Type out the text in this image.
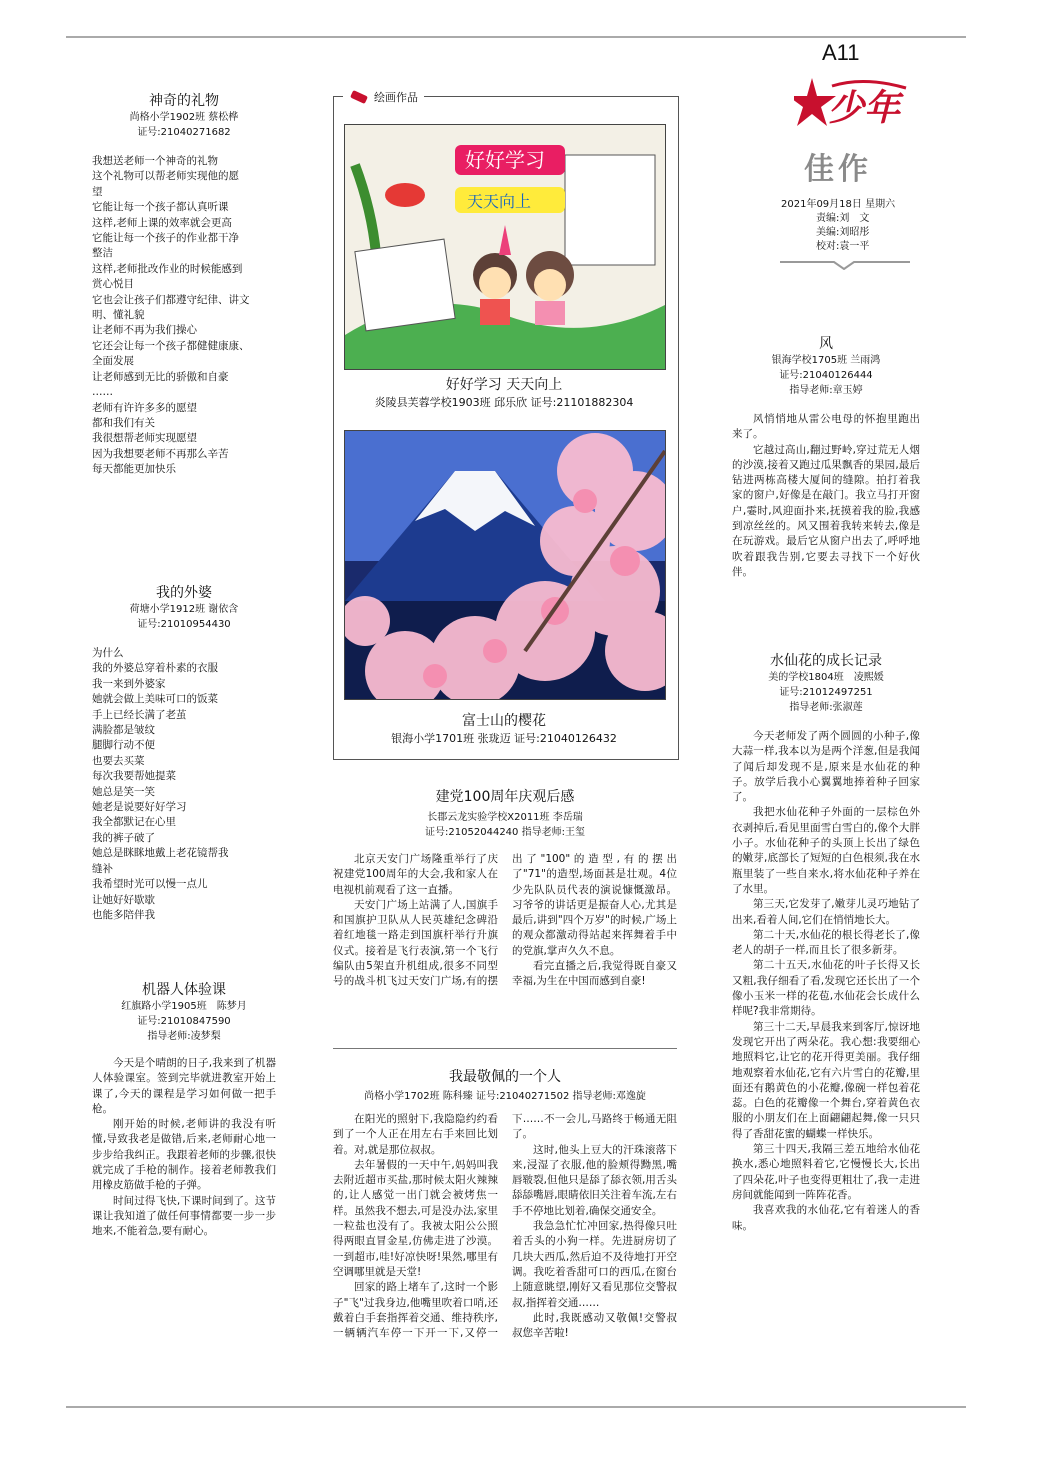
A11
少年
佳作
2021年09月18日 星期六
责编:刘　文
美编:刘昭彤
校对:袁一平
神奇的礼物
尚格小学1902班 蔡松桦
证号:21040271682
我想送老师一个神奇的礼物
这个礼物可以帮老师实现他的愿
望
它能让每一个孩子都认真听课
这样,老师上课的效率就会更高
它能让每一个孩子的作业都干净
整洁
这样,老师批改作业的时候能感到
赏心悦目
它也会让孩子们都遵守纪律、讲文
明、懂礼貌
让老师不再为我们操心
它还会让每一个孩子都健健康康、
全面发展
让老师感到无比的骄傲和自豪
……
老师有许许多多的愿望
都和我们有关
我很想帮老师实现愿望
因为我想要老师不再那么辛苦
每天都能更加快乐
我的外婆
荷塘小学1912班 谢依含
证号:21010954430
为什么
我的外婆总穿着朴素的衣服
我一来到外婆家
她就会做上美味可口的饭菜
手上已经长满了老茧
满脸都是皱纹
腿脚行动不便
也要去买菜
每次我要帮她提菜
她总是笑一笑
她老是说要好好学习
我全都默记在心里
我的裤子破了
她总是眯眯地戴上老花镜帮我
缝补
我希望时光可以慢一点儿
让她好好歇歇
也能多陪伴我
机器人体验课
红旗路小学1905班　陈梦月
证号:21010847590
指导老师:凌梦梨

今天是个晴朗的日子,我来到了机器人体验课室。签到完毕就进教室开始上课了,今天的课程是学习如何做一把手枪。

刚开始的时候,老师讲的我没有听懂,导致我老是做错,后来,老师耐心地一步步给我纠正。我跟着老师的步骤,很快就完成了手枪的制作。接着老师教我们用橡皮筋做手枪的子弹。

时间过得飞快,下课时间到了。这节课让我知道了做任何事情都要一步一步地来,不能着急,要有耐心。

绘画作品
好好学习
天天向上
好好学习 天天向上
炎陵县芙蓉学校1903班 邱乐欣 证号:21101882304
富士山的樱花
银海小学1701班 张珑迈 证号:21040126432
建党100周年庆观后感
长郡云龙实验学校X2011班 李岳瑞
证号:21052044240 指导老师:王玺

北京天安门广场隆重举行了庆祝建党100周年的大会,我和家人在电视机前观看了这一直播。

天安门广场上站满了人,国旗手和国旗护卫队从人民英雄纪念碑沿着红地毯一路走到国旗杆举行升旗仪式。接着是飞行表演,第一个飞行编队由5架直升机组成,很多不同型号的战斗机飞过天安门广场,有的摆出了"100"的造型,有的摆出了"71"的造型,场面甚是壮观。4位少先队队员代表的演说慷慨激昂。习爷爷的讲话更是振奋人心,尤其是最后,讲到"四个万岁"的时候,广场上的观众都激动得站起来挥舞着手中的党旗,掌声久久不息。

看完直播之后,我觉得既自豪又幸福,为生在中国而感到自豪!

我最敬佩的一个人
尚格小学1702班 陈科臻 证号:21040271502 指导老师:邓逸旋

在阳光的照射下,我隐隐约约看到了一个人正在用左右手来回比划着。对,就是那位叔叔。

去年暑假的一天中午,妈妈叫我去附近超市买盐,那时候太阳火辣辣的,让人感觉一出门就会被烤焦一样。虽然我不想去,可是没办法,家里一粒盐也没有了。我被太阳公公照得两眼直冒金星,仿佛走进了沙漠。一到超市,哇!好凉快呀!果然,哪里有空调哪里就是天堂!

回家的路上堵车了,这时一个影子"飞"过我身边,他嘴里吹着口哨,还戴着白手套指挥着交通、维持秩序,一辆辆汽车停一下开一下,又停一下……不一会儿,马路终于畅通无阻了。

这时,他头上豆大的汗珠滚落下来,浸湿了衣服,他的脸颊得黝黑,嘴唇皲裂,但他只是舔了舔衣领,用舌头舔舔嘴唇,眼睛依旧关注着车流,左右手不停地比划着,确保交通安全。

我急急忙忙冲回家,热得像只吐着舌头的小狗一样。先进厨房切了几块大西瓜,然后迫不及待地打开空调。我吃着香甜可口的西瓜,在窗台上随意眺望,刚好又看见那位交警叔叔,指挥着交通……

此时,我既感动又敬佩!交警叔叔您辛苦啦!

风
银海学校1705班 兰雨鸿
证号:21040126444
指导老师:章玉婷

风悄悄地从雷公电母的怀抱里跑出来了。

它越过高山,翻过野岭,穿过荒无人烟的沙漠,接着又跑过瓜果飘香的果园,最后钻进两栋高楼大厦间的缝隙。拍打着我家的窗户,好像是在敲门。我立马打开窗户,霎时,风迎面扑来,抚摸着我的脸,我感到凉丝丝的。风又围着我转来转去,像是在玩游戏。最后它从窗户出去了,呼呼地吹着跟我告别,它要去寻找下一个好伙伴。

水仙花的成长记录
美的学校1804班　凌熙媛
证号:21012497251
指导老师:张淑莲

今天老师发了两个圆圆的小种子,像大蒜一样,我本以为是两个洋葱,但是我闻了闻后却发现不是,原来是水仙花的种子。放学后我小心翼翼地捧着种子回家了。

我把水仙花种子外面的一层棕色外衣剥掉后,看见里面雪白雪白的,像个大胖小子。水仙花种子的头顶上长出了绿色的嫩芽,底部长了短短的白色根须,我在水瓶里装了一些自来水,将水仙花种子养在了水里。

第三天,它发芽了,嫩芽儿灵巧地钻了出来,看着人间,它们在悄悄地长大。

第二十天,水仙花的根长得老长了,像老人的胡子一样,而且长了很多新芽。

第二十五天,水仙花的叶子长得又长又粗,我仔细看了看,发现它还长出了一个像小玉米一样的花苞,水仙花会长成什么样呢?我非常期待。

第三十二天,早晨我来到客厅,惊讶地发现它开出了两朵花。我心想:我要细心地照料它,让它的花开得更美丽。我仔细地观察着水仙花,它有六片雪白的花瓣,里面还有鹅黄色的小花瓣,像碗一样包着花蕊。白色的花瓣像一个舞台,穿着黄色衣服的小朋友们在上面翩翩起舞,像一只只得了香甜花蜜的蝴蝶一样快乐。

第三十四天,我隔三差五地给水仙花换水,悉心地照料着它,它慢慢长大,长出了四朵花,叶子也变得更粗壮了,我一走进房间就能闻到一阵阵花香。

我喜欢我的水仙花,它有着迷人的香味。
